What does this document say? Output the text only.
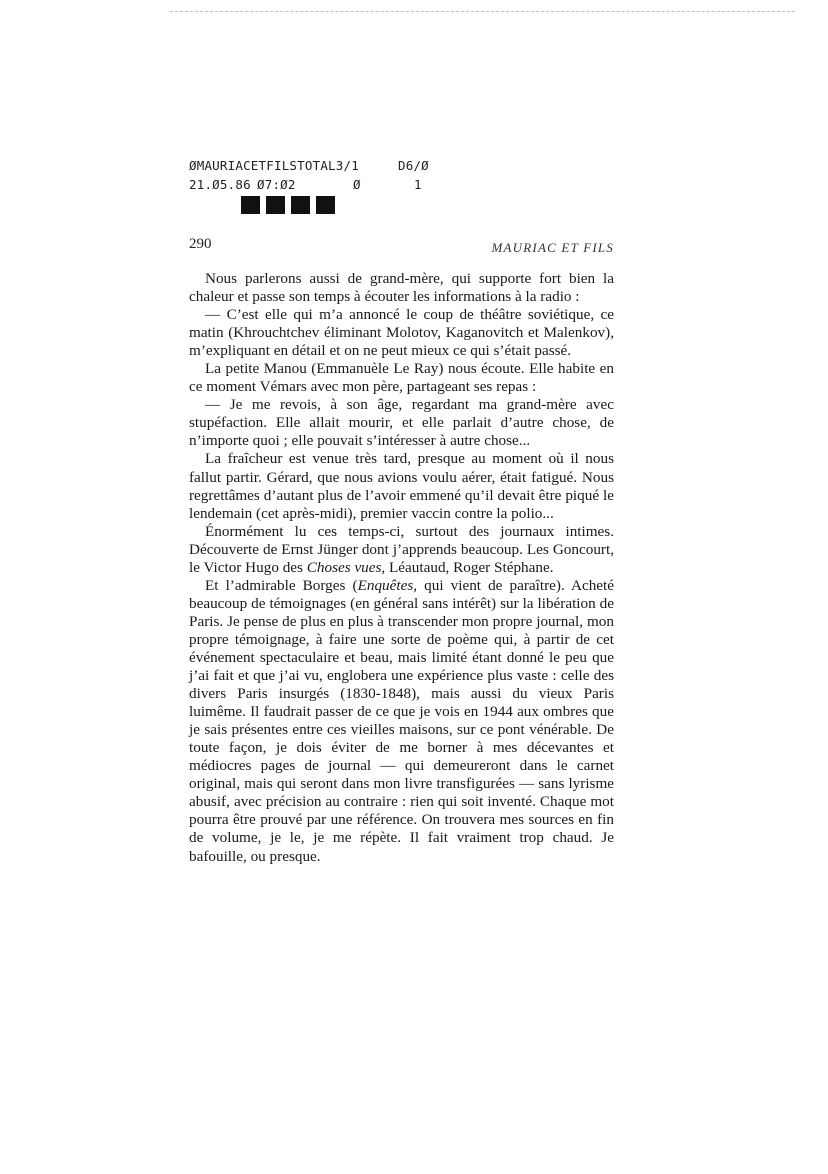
ØMAURIACETFILSTOTAL3/1

	D6/Ø

21.Ø5.86

Ø7:Ø2

	Ø

	1

290	MAURIAC ET FILS

Nous parlerons aussi de grand-mère, qui supporte fort bien la chaleur et passe son temps à écouter les informations à la radio :

— C’est elle qui m’a annoncé le coup de théâtre soviétique, ce matin (Khrouchtchev éliminant Molotov, Kaganovitch et Malenkov), m’expliquant en détail et on ne peut mieux ce qui s’était passé.

La petite Manou (Emmanuèle Le Ray) nous écoute. Elle habite en ce moment Vémars avec mon père, partageant ses repas :

— Je me revois, à son âge, regardant ma grand-mère avec stupéfaction. Elle allait mourir, et elle parlait d’autre chose, de n’importe quoi ; elle pouvait s’intéresser à autre chose...

La fraîcheur est venue très tard, presque au moment où il nous fallut partir. Gérard, que nous avions voulu aérer, était fatigué. Nous regrettâmes d’autant plus de l’avoir emmené qu’il devait être piqué le lendemain (cet après-midi), premier vaccin contre la polio...

Énormément lu ces temps-ci, surtout des journaux intimes. Découverte de Ernst Jünger dont j’apprends beaucoup. Les Goncourt, le Victor Hugo des Choses vues, Léautaud, Roger Stéphane.

Et l’admirable Borges (Enquêtes, qui vient de paraître). Acheté beaucoup de témoignages (en général sans intérêt) sur la libération de Paris. Je pense de plus en plus à transcender mon propre journal, mon propre témoignage, à faire une sorte de poème qui, à partir de cet événement spectaculaire et beau, mais limité étant donné le peu que j’ai fait et que j’ai vu, englobera une expérience plus vaste : celle des divers Paris insurgés (1830-1848), mais aussi du vieux Paris luimême. Il faudrait passer de ce que je vois en 1944 aux ombres que je sais présentes entre ces vieilles maisons, sur ce pont vénérable. De toute façon, je dois éviter de me borner à mes décevantes et médiocres pages de journal — qui demeureront dans le carnet original, mais qui seront dans mon livre transfigurées — sans lyrisme abusif, avec précision au contraire : rien qui soit inventé. Chaque mot pourra être prouvé par une référence. On trouvera mes sources en fin de volume, je le, je me répète. Il fait vraiment trop chaud. Je bafouille, ou presque.
